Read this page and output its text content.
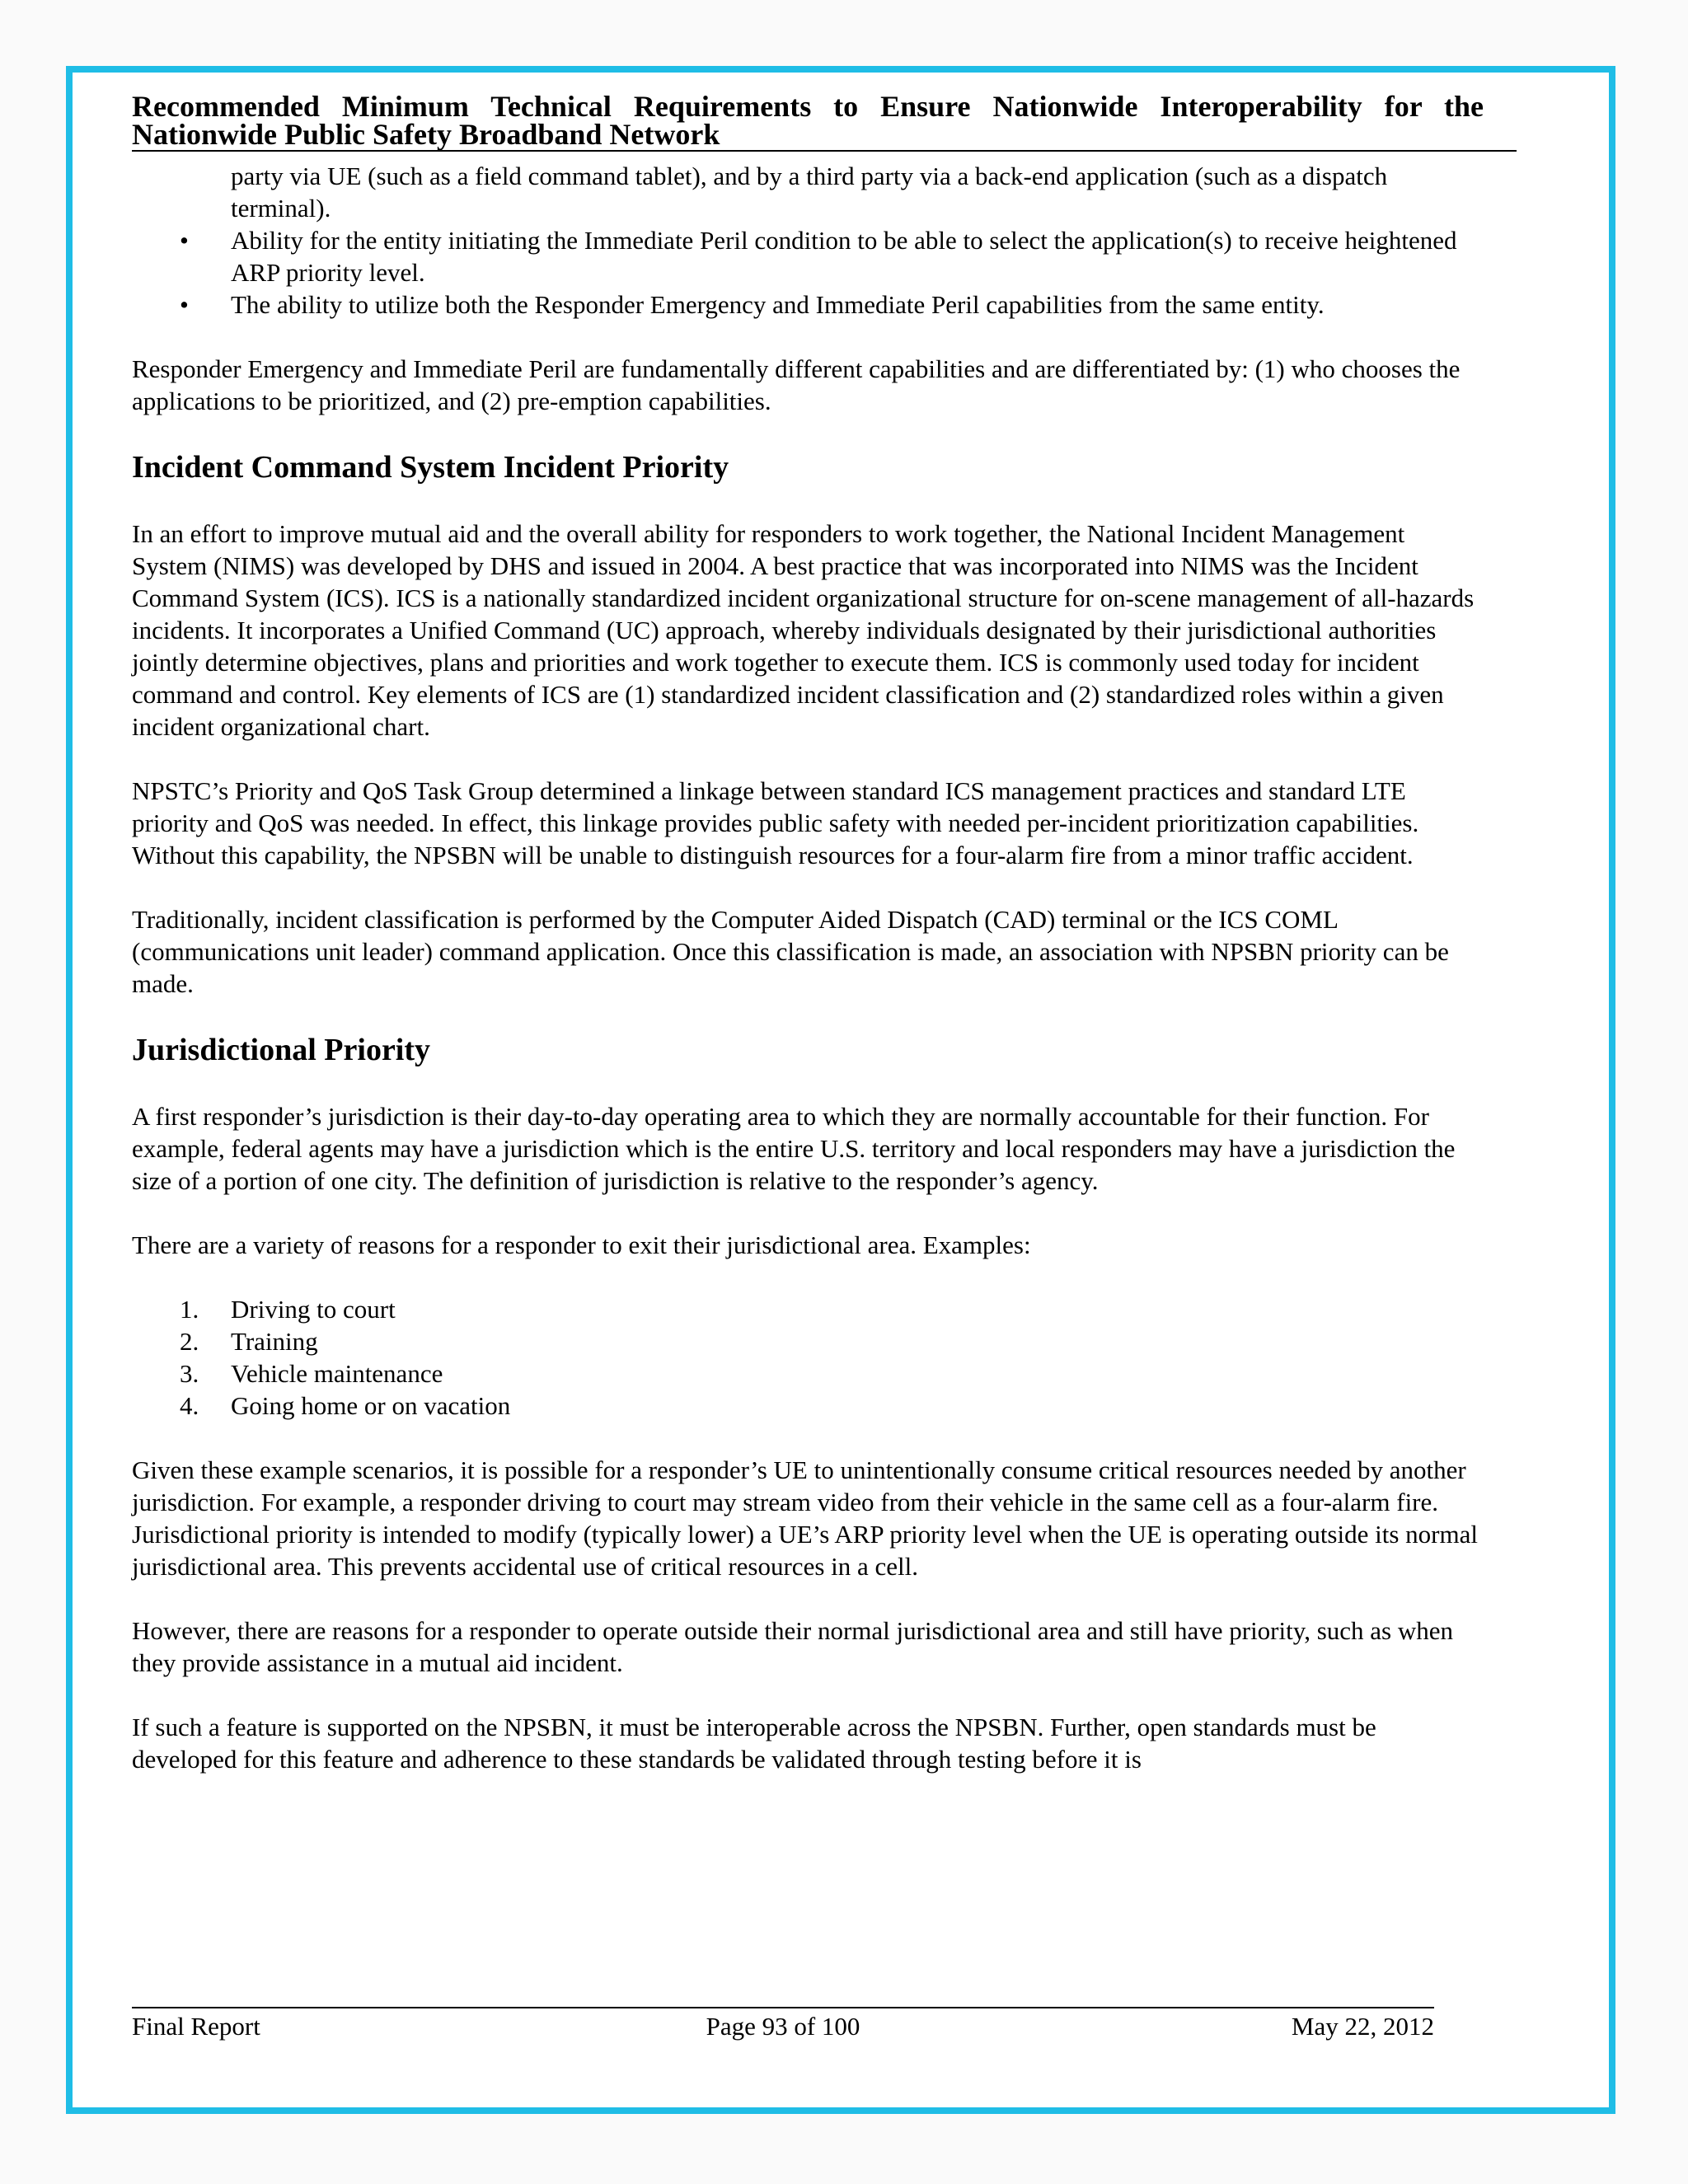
Recommended Minimum Technical Requirements to Ensure Nationwide Interoperability for the
Nationwide Public Safety Broadband Network

party via UE (such as a field command tablet), and by a third party via a back-end application (such as a dispatch terminal).

• Ability for the entity initiating the Immediate Peril condition to be able to select the application(s) to receive heightened ARP priority level.
• The ability to utilize both the Responder Emergency and Immediate Peril capabilities from the same entity.

Responder Emergency and Immediate Peril are fundamentally different capabilities and are differentiated by: (1) who chooses the applications to be prioritized, and (2) pre-emption capabilities.

Incident Command System Incident Priority

In an effort to improve mutual aid and the overall ability for responders to work together, the National Incident Management System (NIMS) was developed by DHS and issued in 2004. A best practice that was incorporated into NIMS was the Incident Command System (ICS). ICS is a nationally standardized incident organizational structure for on-scene management of all-hazards incidents. It incorporates a Unified Command (UC) approach, whereby individuals designated by their jurisdictional authorities jointly determine objectives, plans and priorities and work together to execute them. ICS is commonly used today for incident command and control. Key elements of ICS are (1) standardized incident classification and (2) standardized roles within a given incident organizational chart.

NPSTC’s Priority and QoS Task Group determined a linkage between standard ICS management practices and standard LTE priority and QoS was needed. In effect, this linkage provides public safety with needed per-incident prioritization capabilities. Without this capability, the NPSBN will be unable to distinguish resources for a four-alarm fire from a minor traffic accident.

Traditionally, incident classification is performed by the Computer Aided Dispatch (CAD) terminal or the ICS COML (communications unit leader) command application. Once this classification is made, an association with NPSBN priority can be made.

Jurisdictional Priority

A first responder’s jurisdiction is their day-to-day operating area to which they are normally accountable for their function. For example, federal agents may have a jurisdiction which is the entire U.S. territory and local responders may have a jurisdiction the size of a portion of one city. The definition of jurisdiction is relative to the responder’s agency.

There are a variety of reasons for a responder to exit their jurisdictional area. Examples:

1. Driving to court
2. Training
3. Vehicle maintenance
4. Going home or on vacation

Given these example scenarios, it is possible for a responder’s UE to unintentionally consume critical resources needed by another jurisdiction. For example, a responder driving to court may stream video from their vehicle in the same cell as a four-alarm fire. Jurisdictional priority is intended to modify (typically lower) a UE’s ARP priority level when the UE is operating outside its normal jurisdictional area. This prevents accidental use of critical resources in a cell.

However, there are reasons for a responder to operate outside their normal jurisdictional area and still have priority, such as when they provide assistance in a mutual aid incident.

If such a feature is supported on the NPSBN, it must be interoperable across the NPSBN. Further, open standards must be developed for this feature and adherence to these standards be validated through testing before it is

Final Report	Page 93 of 100	May 22, 2012
